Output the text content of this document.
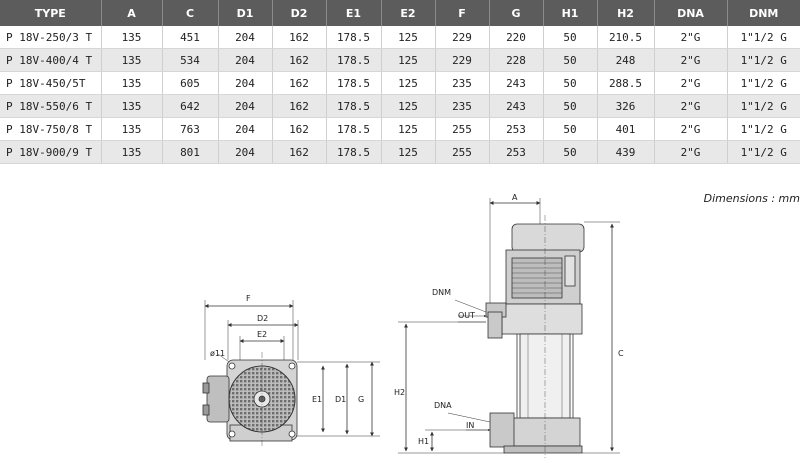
TYPE	A	C	D1	D2	E1	E2	F	G	H1	H2	DNA	DNM
P 18V-250/3 T	135	451	204	162	178.5	125	229	220	50	210.5	2"G	1"1/2 G
P 18V-400/4 T	135	534	204	162	178.5	125	229	228	50	248	2"G	1"1/2 G
P 18V-450/5T	135	605	204	162	178.5	125	235	243	50	288.5	2"G	1"1/2 G
P 18V-550/6 T	135	642	204	162	178.5	125	235	243	50	326	2"G	1"1/2 G
P 18V-750/8 T	135	763	204	162	178.5	125	255	253	50	401	2"G	1"1/2 G
P 18V-900/9 T	135	801	204	162	178.5	125	255	253	50	439	2"G	1"1/2 G
Dimensions : mm
F
D2
E2
ø11
E1 D1 G
A
C
H2
H1
DNM
OUT
DNA
IN
